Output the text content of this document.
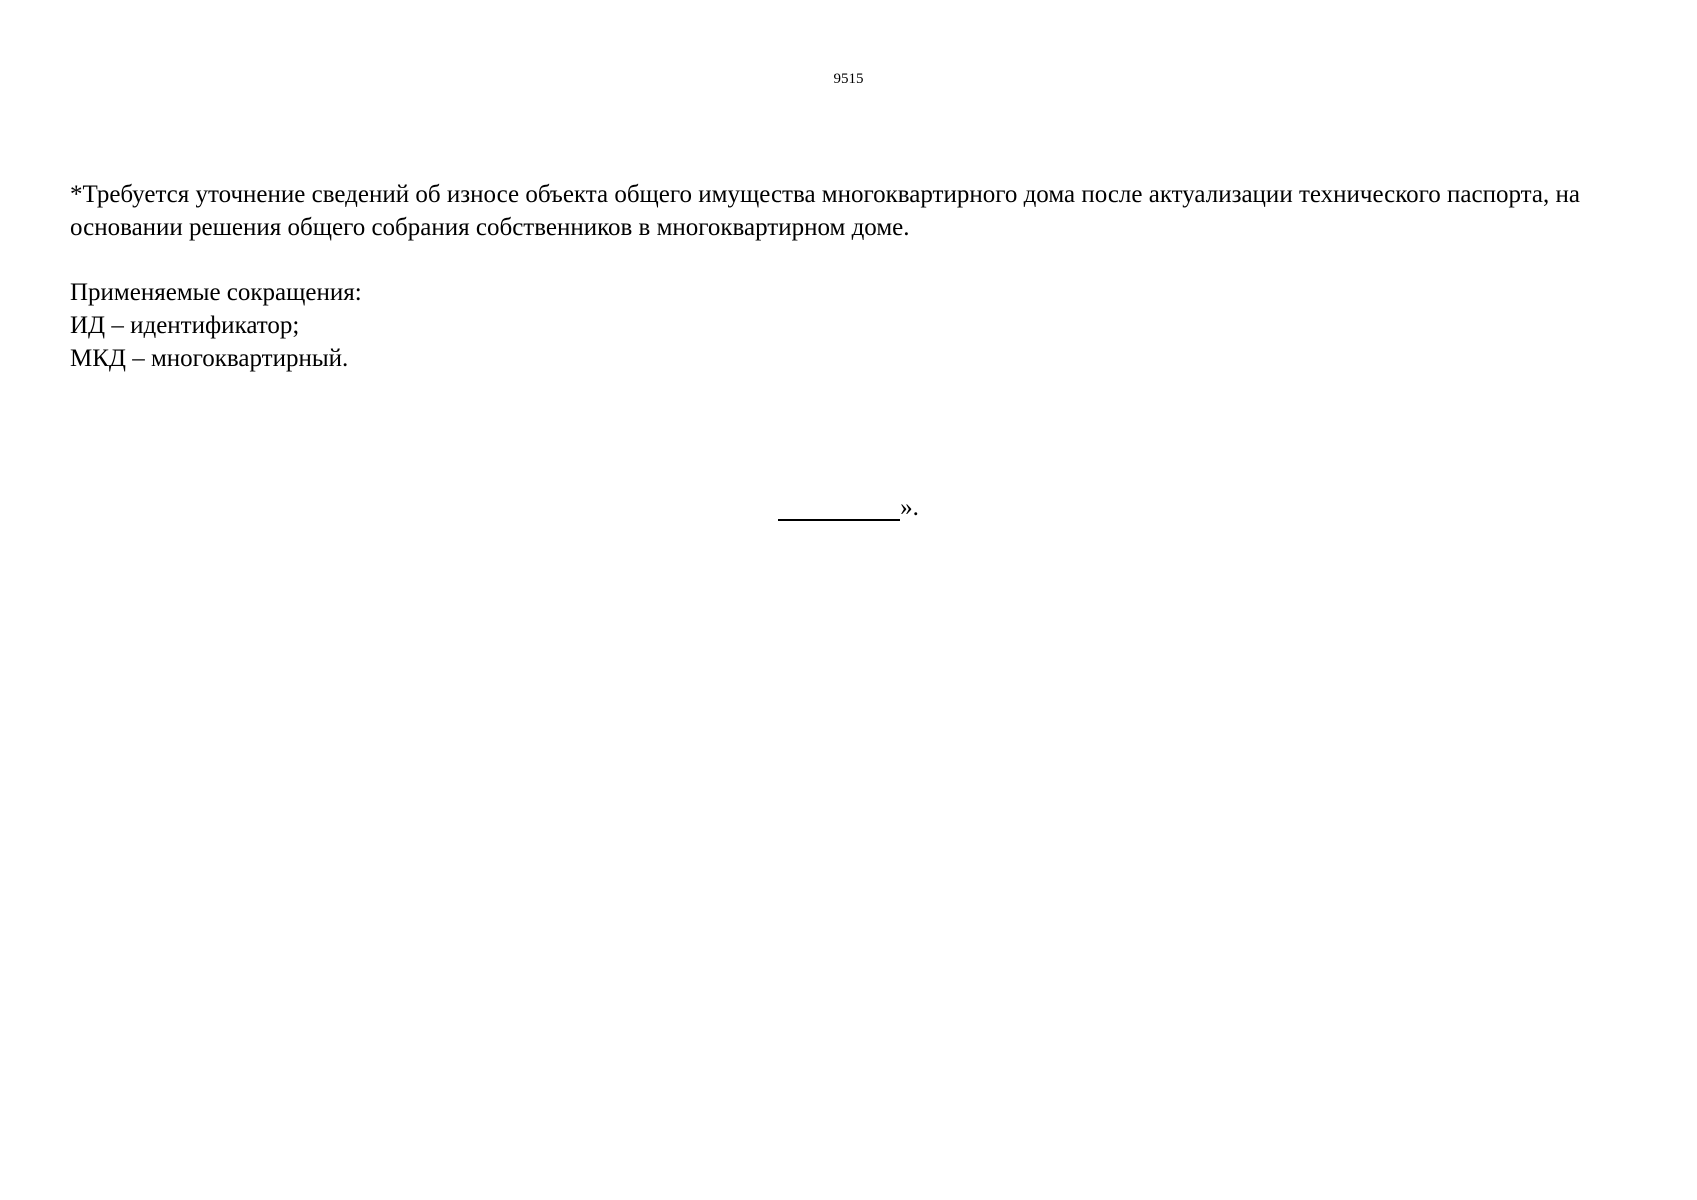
9515

*Требуется уточнение сведений об износе объекта общего имущества многоквартирного дома после актуализации технического паспорта, на основании решения общего собрания собственников в многоквартирном доме.

Применяемые сокращения:
ИД – идентификатор;
МКД – многоквартирный.
».
